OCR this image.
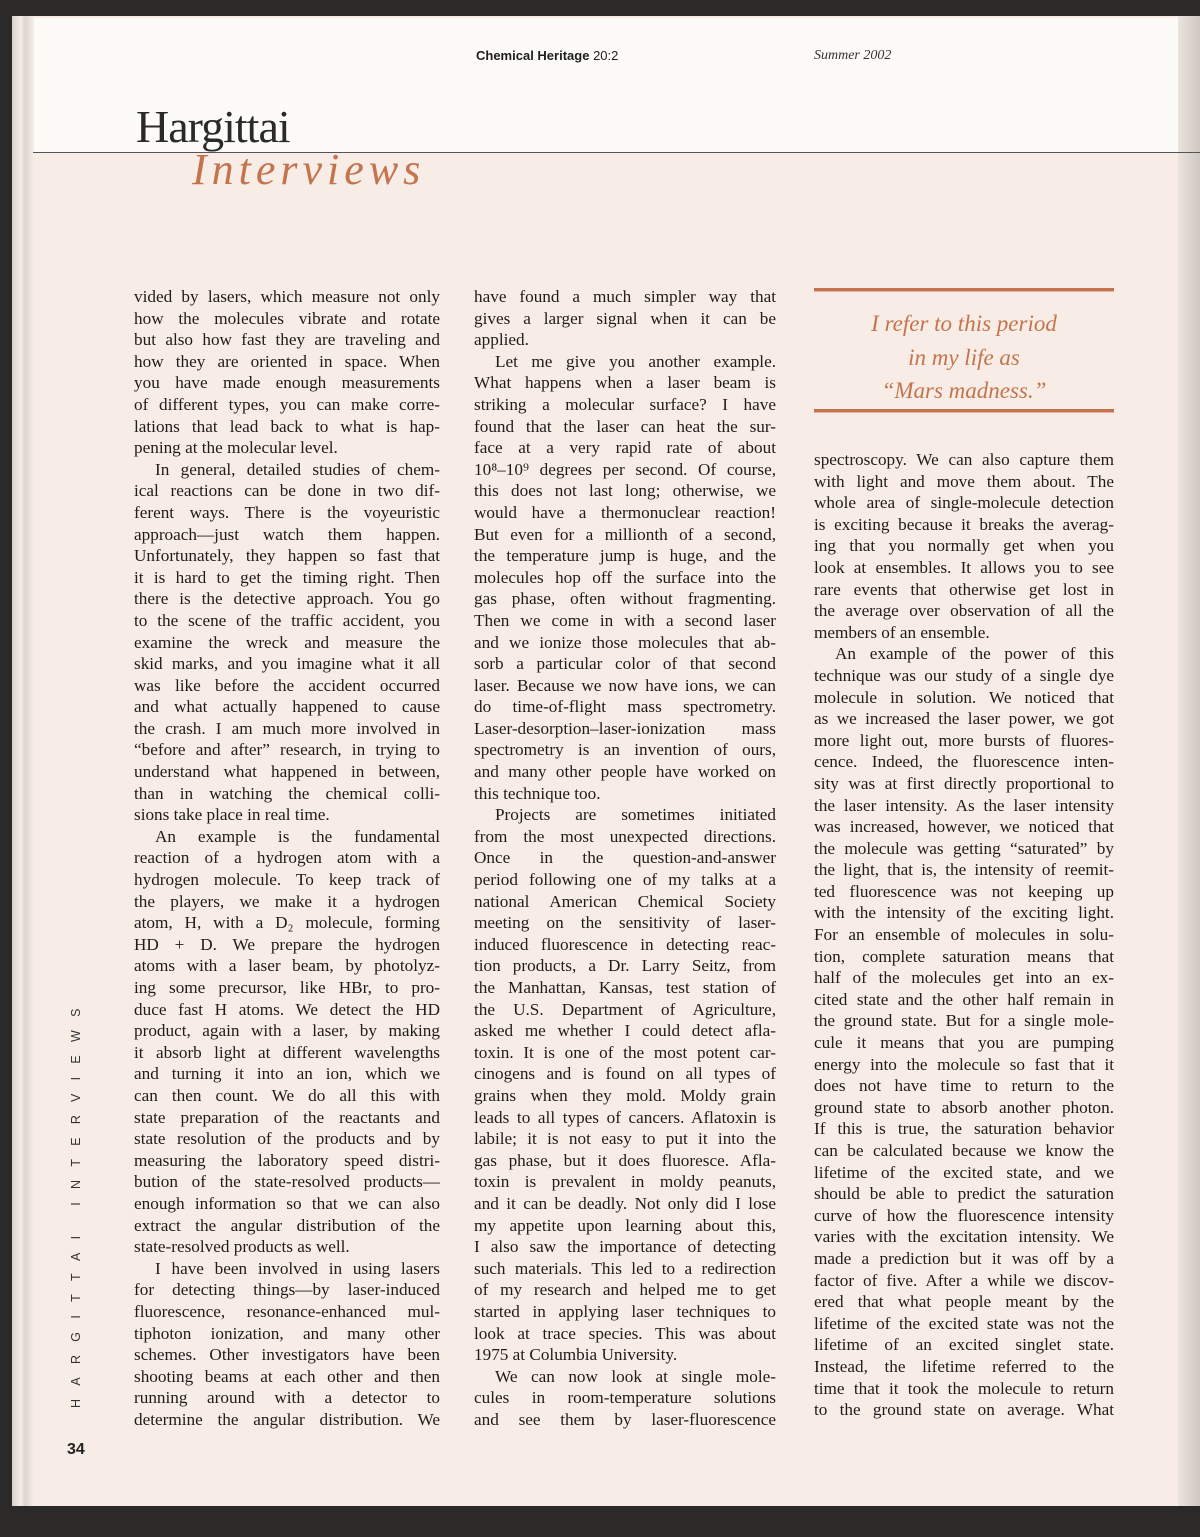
Chemical Heritage 20:2	Summer 2002
Hargittai
Interviews
I refer to this period
in my life as
“Mars madness.”
vided by lasers, which measure not only
how the molecules vibrate and rotate
but also how fast they are traveling and
how they are oriented in space. When
you have made enough measurements
of different types, you can make corre-
lations that lead back to what is hap-
pening at the molecular level.
In general, detailed studies of chem-
ical reactions can be done in two dif-
ferent ways. There is the voyeuristic
approach—just watch them happen.
Unfortunately, they happen so fast that
it is hard to get the timing right. Then
there is the detective approach. You go
to the scene of the traffic accident, you
examine the wreck and measure the
skid marks, and you imagine what it all
was like before the accident occurred
and what actually happened to cause
the crash. I am much more involved in
“before and after” research, in trying to
understand what happened in between,
than in watching the chemical colli-
sions take place in real time.
An example is the fundamental
reaction of a hydrogen atom with a
hydrogen molecule. To keep track of
the players, we make it a hydrogen
atom, H, with a D₂ molecule, forming
HD + D. We prepare the hydrogen
atoms with a laser beam, by photolyz-
ing some precursor, like HBr, to pro-
duce fast H atoms. We detect the HD
product, again with a laser, by making
it absorb light at different wavelengths
and turning it into an ion, which we
can then count. We do all this with
state preparation of the reactants and
state resolution of the products and by
measuring the laboratory speed distri-
bution of the state-resolved products—
enough information so that we can also
extract the angular distribution of the
state-resolved products as well.
I have been involved in using lasers
for detecting things—by laser-induced
fluorescence, resonance-enhanced mul-
tiphoton ionization, and many other
schemes. Other investigators have been
shooting beams at each other and then
running around with a detector to
determine the angular distribution. We
have found a much simpler way that
gives a larger signal when it can be
applied.
Let me give you another example.
What happens when a laser beam is
striking a molecular surface? I have
found that the laser can heat the sur-
face at a very rapid rate of about
10⁸–10⁹ degrees per second. Of course,
this does not last long; otherwise, we
would have a thermonuclear reaction!
But even for a millionth of a second,
the temperature jump is huge, and the
molecules hop off the surface into the
gas phase, often without fragmenting.
Then we come in with a second laser
and we ionize those molecules that ab-
sorb a particular color of that second
laser. Because we now have ions, we can
do time-of-flight mass spectrometry.
Laser-desorption–laser-ionization mass
spectrometry is an invention of ours,
and many other people have worked on
this technique too.
Projects are sometimes initiated
from the most unexpected directions.
Once in the question-and-answer
period following one of my talks at a
national American Chemical Society
meeting on the sensitivity of laser-
induced fluorescence in detecting reac-
tion products, a Dr. Larry Seitz, from
the Manhattan, Kansas, test station of
the U.S. Department of Agriculture,
asked me whether I could detect afla-
toxin. It is one of the most potent car-
cinogens and is found on all types of
grains when they mold. Moldy grain
leads to all types of cancers. Aflatoxin is
labile; it is not easy to put it into the
gas phase, but it does fluoresce. Afla-
toxin is prevalent in moldy peanuts,
and it can be deadly. Not only did I lose
my appetite upon learning about this,
I also saw the importance of detecting
such materials. This led to a redirection
of my research and helped me to get
started in applying laser techniques to
look at trace species. This was about
1975 at Columbia University.
We can now look at single mole-
cules in room-temperature solutions
and see them by laser-fluorescence
spectroscopy. We can also capture them
with light and move them about. The
whole area of single-molecule detection
is exciting because it breaks the averag-
ing that you normally get when you
look at ensembles. It allows you to see
rare events that otherwise get lost in
the average over observation of all the
members of an ensemble.
An example of the power of this
technique was our study of a single dye
molecule in solution. We noticed that
as we increased the laser power, we got
more light out, more bursts of fluores-
cence. Indeed, the fluorescence inten-
sity was at first directly proportional to
the laser intensity. As the laser intensity
was increased, however, we noticed that
the molecule was getting “saturated” by
the light, that is, the intensity of reemit-
ted fluorescence was not keeping up
with the intensity of the exciting light.
For an ensemble of molecules in solu-
tion, complete saturation means that
half of the molecules get into an ex-
cited state and the other half remain in
the ground state. But for a single mole-
cule it means that you are pumping
energy into the molecule so fast that it
does not have time to return to the
ground state to absorb another photon.
If this is true, the saturation behavior
can be calculated because we know the
lifetime of the excited state, and we
should be able to predict the saturation
curve of how the fluorescence intensity
varies with the excitation intensity. We
made a prediction but it was off by a
factor of five. After a while we discov-
ered that what people meant by the
lifetime of the excited state was not the
lifetime of an excited singlet state.
Instead, the lifetime referred to the
time that it took the molecule to return
to the ground state on average. What
HARGITTAI INTERVIEWS
34
